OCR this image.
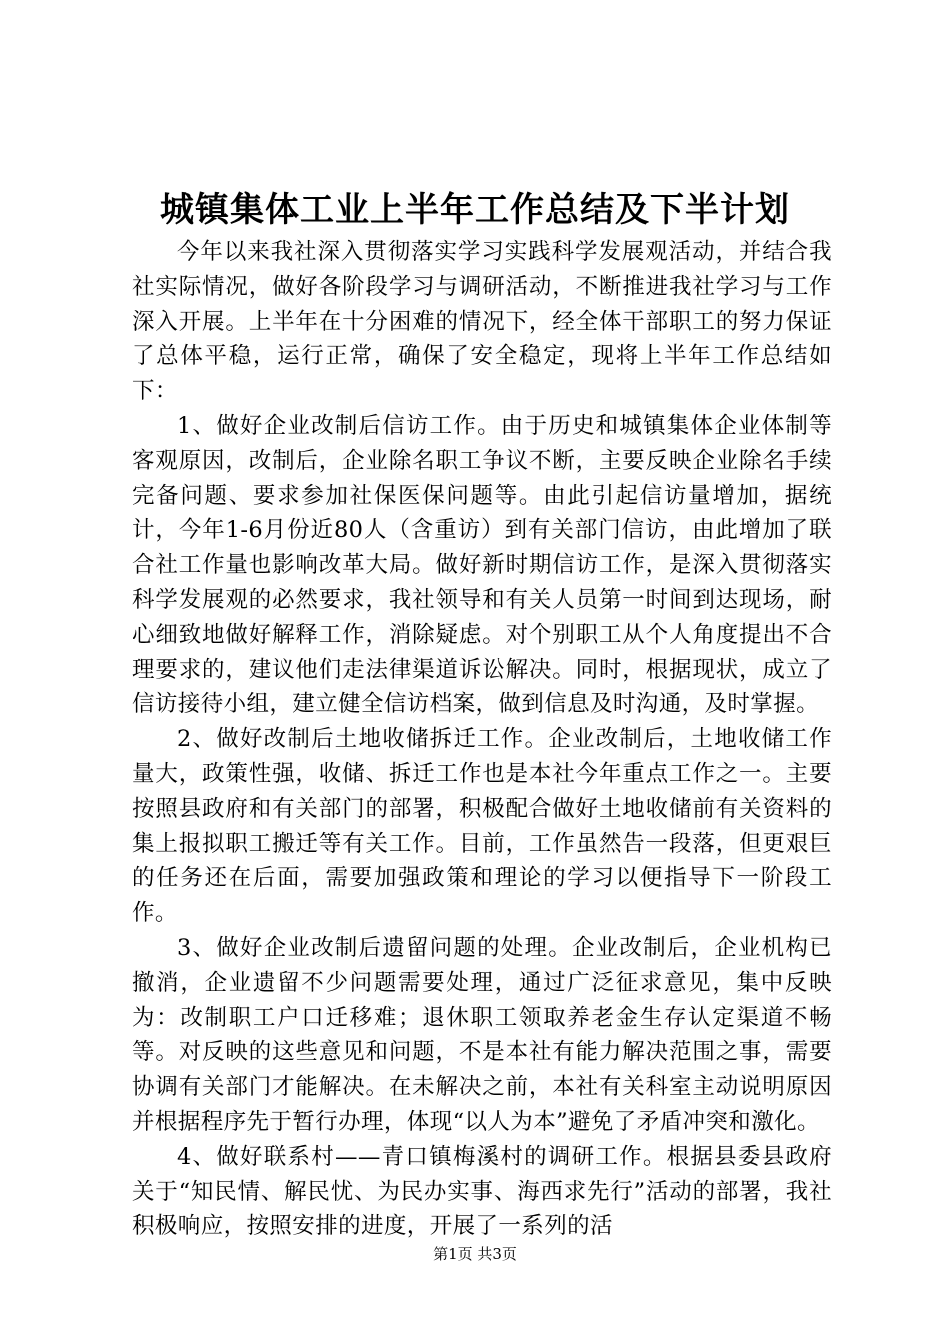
城镇集体工业上半年工作总结及下半计划

今年以来我社深入贯彻落实学习实践科学发展观活动，并结合我社实际情况，做好各阶段学习与调研活动，不断推进我社学习与工作深入开展。上半年在十分困难的情况下，经全体干部职工的努力保证了总体平稳，运行正常，确保了安全稳定，现将上半年工作总结如下：

1、做好企业改制后信访工作。由于历史和城镇集体企业体制等客观原因，改制后，企业除名职工争议不断，主要反映企业除名手续完备问题、要求参加社保医保问题等。由此引起信访量增加，据统计，今年1-6月份近80人（含重访）到有关部门信访，由此增加了联合社工作量也影响改革大局。做好新时期信访工作，是深入贯彻落实科学发展观的必然要求，我社领导和有关人员第一时间到达现场，耐心细致地做好解释工作，消除疑虑。对个别职工从个人角度提出不合理要求的，建议他们走法律渠道诉讼解决。同时，根据现状，成立了信访接待小组，建立健全信访档案，做到信息及时沟通，及时掌握。

2、做好改制后土地收储拆迁工作。企业改制后，土地收储工作量大，政策性强，收储、拆迁工作也是本社今年重点工作之一。主要按照县政府和有关部门的部署，积极配合做好土地收储前有关资料的集上报拟职工搬迁等有关工作。目前，工作虽然告一段落，但更艰巨的任务还在后面，需要加强政策和理论的学习以便指导下一阶段工作。

3、做好企业改制后遗留问题的处理。企业改制后，企业机构已撤消，企业遗留不少问题需要处理，通过广泛征求意见，集中反映为：改制职工户口迁移难；退休职工领取养老金生存认定渠道不畅等。对反映的这些意见和问题，不是本社有能力解决范围之事，需要协调有关部门才能解决。在未解决之前，本社有关科室主动说明原因并根据程序先于暂行办理，体现“以人为本”避免了矛盾冲突和激化。

4、做好联系村——青口镇梅溪村的调研工作。根据县委县政府关于“知民情、解民忧、为民办实事、海西求先行”活动的部署，我社积极响应，按照安排的进度，开展了一系列的活

第1页 共3页
